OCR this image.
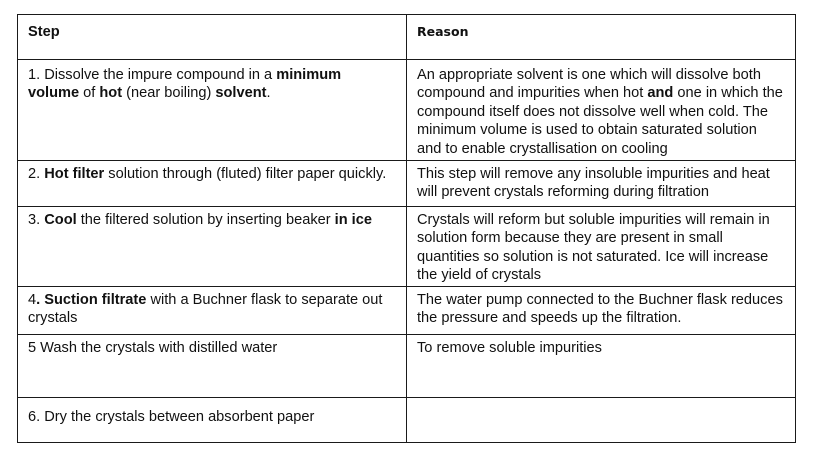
Step	Reason
1. Dissolve the impure compound in a minimum volume of hot (near boiling) solvent.	An appropriate solvent is one which will dissolve both compound and impurities when hot and one in which the compound itself does not dissolve well when cold. The minimum volume is used to obtain saturated solution and to enable crystallisation on cooling
2. Hot filter solution through (fluted) filter paper quickly.	This step will remove any insoluble impurities and heat will prevent crystals reforming during filtration
3. Cool the filtered solution by inserting beaker in ice	Crystals will reform but soluble impurities will remain in solution form because they are present in small quantities so solution is not saturated. Ice will increase the yield of crystals
4. Suction filtrate with a Buchner flask to separate out crystals	The water pump connected to the Buchner flask reduces the pressure and speeds up the filtration.
5 Wash the crystals with distilled water	To remove soluble impurities
6. Dry the crystals between absorbent paper	
